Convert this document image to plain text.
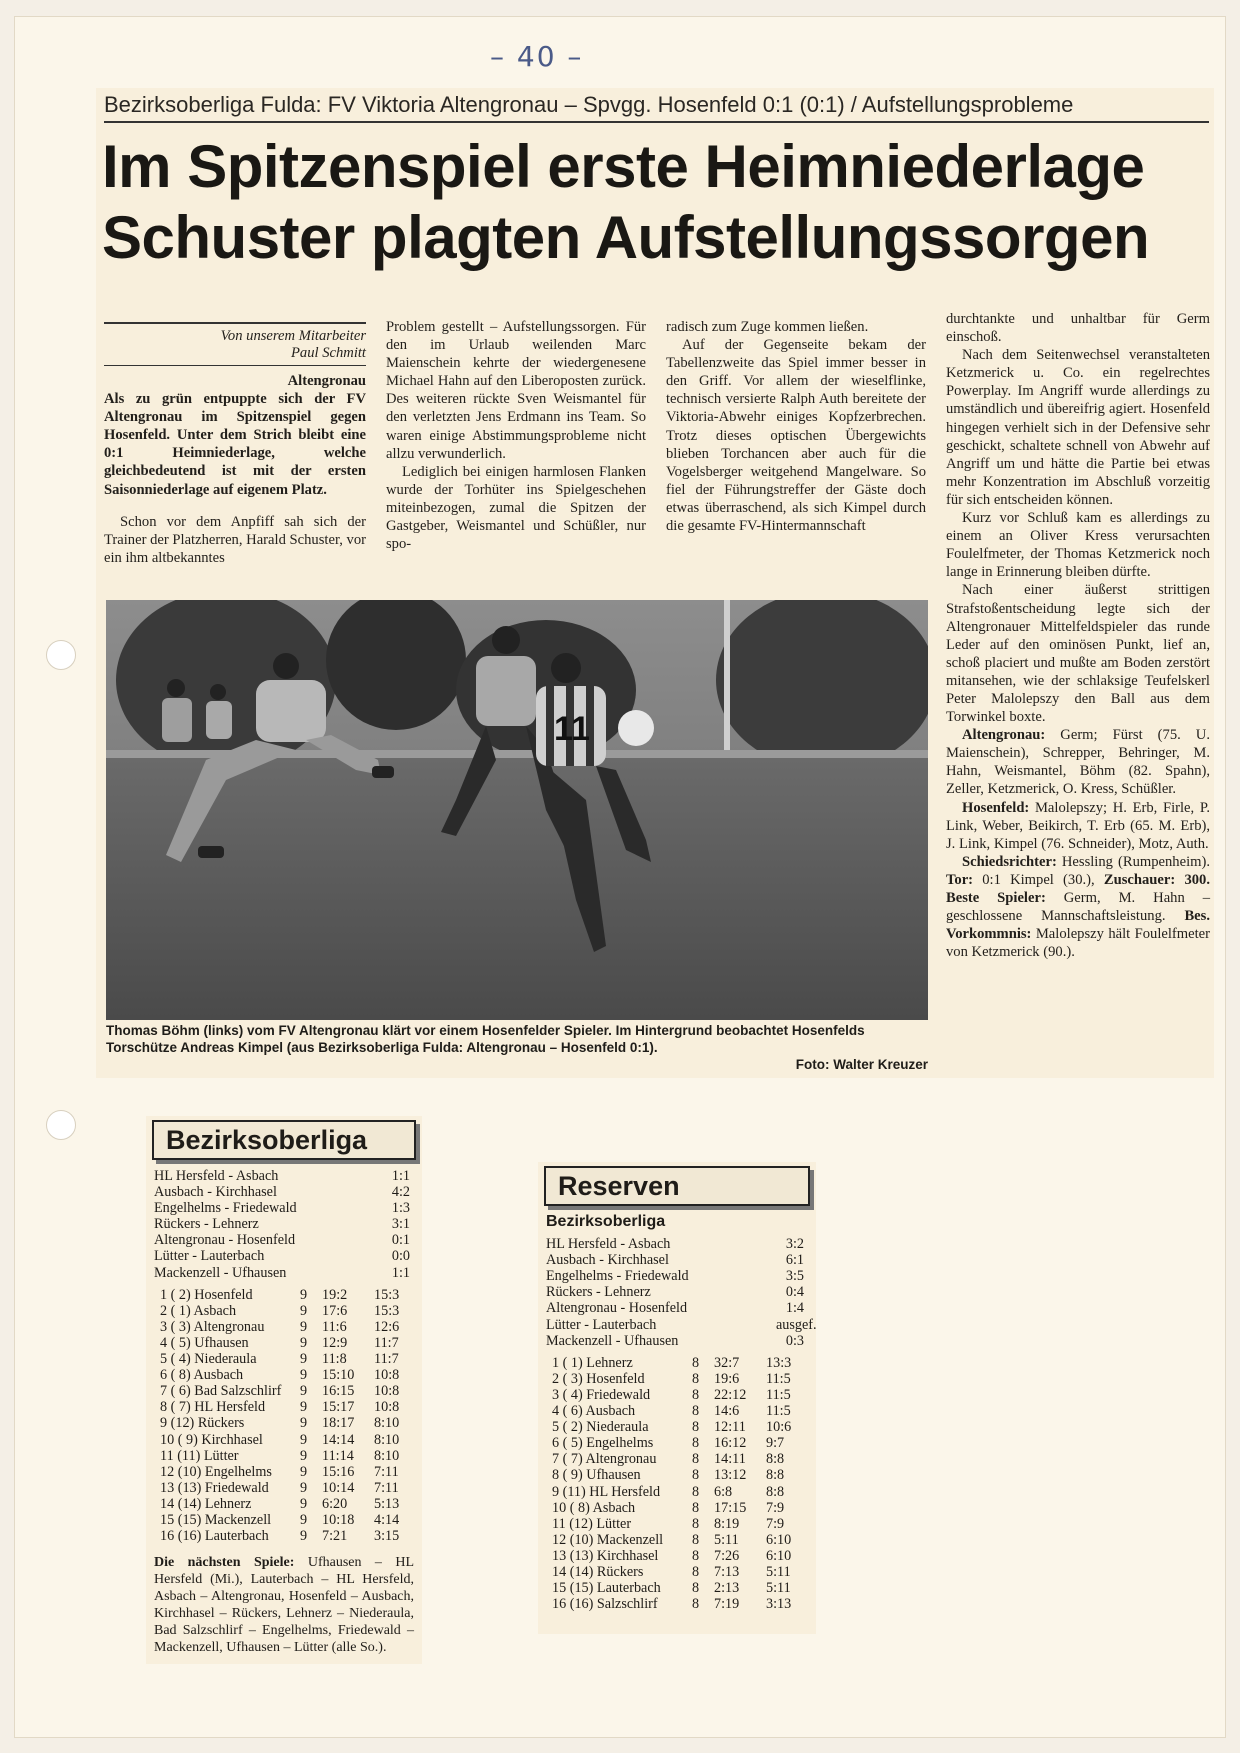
– 40 –
Bezirksoberliga Fulda: FV Viktoria Altengronau – Spvgg. Hosenfeld 0:1 (0:1) / Aufstellungsprobleme
Im Spitzenspiel erste Heimniederlage
Schuster plagten Aufstellungssorgen
Von unserem Mitarbeiter
Paul Schmitt
Altengronau

Als zu grün entpuppte sich der FV Altengronau im Spitzenspiel gegen Hosenfeld. Unter dem Strich bleibt eine 0:1 Heimniederlage, welche gleichbedeutend ist mit der ersten Saisonniederlage auf eigenem Platz.

Schon vor dem Anpfiff sah sich der Trainer der Platzherren, Harald Schuster, vor ein ihm altbekanntes

Problem gestellt – Aufstellungssorgen. Für den im Urlaub weilenden Marc Maienschein kehrte der wiedergenesene Michael Hahn auf den Liberoposten zurück. Des weiteren rückte Sven Weismantel für den verletzten Jens Erdmann ins Team. So waren einige Abstimmungsprobleme nicht allzu verwunderlich.

Lediglich bei einigen harmlosen Flanken wurde der Torhüter ins Spielgeschehen miteinbezogen, zumal die Spitzen der Gastgeber, Weismantel und Schüßler, nur spo-

radisch zum Zuge kommen ließen.

Auf der Gegenseite bekam der Tabellenzweite das Spiel immer besser in den Griff. Vor allem der wieselflinke, technisch versierte Ralph Auth bereitete der Viktoria-Abwehr einiges Kopfzerbrechen. Trotz dieses optischen Übergewichts blieben Torchancen aber auch für die Vogelsberger weitgehend Mangelware. So fiel der Führungstreffer der Gäste doch etwas überraschend, als sich Kimpel durch die gesamte FV-Hintermannschaft

durchtankte und unhaltbar für Germ einschoß.

Nach dem Seitenwechsel veranstalteten Ketzmerick u. Co. ein regelrechtes Powerplay. Im Angriff wurde allerdings zu umständlich und übereifrig agiert. Hosenfeld hingegen verhielt sich in der Defensive sehr geschickt, schaltete schnell von Abwehr auf Angriff um und hätte die Partie bei etwas mehr Konzentration im Abschluß vorzeitig für sich entscheiden können.

Kurz vor Schluß kam es allerdings zu einem an Oliver Kress verursachten Foulelfmeter, der Thomas Ketzmerick noch lange in Erinnerung bleiben dürfte.

Nach einer äußerst strittigen Strafstoßentscheidung legte sich der Altengronauer Mittelfeldspieler das runde Leder auf den ominösen Punkt, lief an, schoß placiert und mußte am Boden zerstört mitansehen, wie der schlaksige Teufelskerl Peter Malolepszy den Ball aus dem Torwinkel boxte.

Altengronau: Germ; Fürst (75. U. Maienschein), Schrepper, Behringer, M. Hahn, Weismantel, Böhm (82. Spahn), Zeller, Ketzmerick, O. Kress, Schüßler.

Hosenfeld: Malolepszy; H. Erb, Firle, P. Link, Weber, Beikirch, T. Erb (65. M. Erb), J. Link, Kimpel (76. Schneider), Motz, Auth.

Schiedsrichter: Hessling (Rumpenheim). Tor: 0:1 Kimpel (30.), Zuschauer: 300. Beste Spieler: Germ, M. Hahn – geschlossene Mannschaftsleistung. Bes. Vorkommnis: Malolepszy hält Foulelfmeter von Ketzmerick (90.).

11
Thomas Böhm (links) vom FV Altengronau klärt vor einem Hosenfelder Spieler. Im Hintergrund beobachtet Hosenfelds Torschütze Andreas Kimpel (aus Bezirksoberliga Fulda: Altengronau – Hosenfeld 0:1).
Foto: Walter Kreuzer
Bezirksoberliga
HL Hersfeld - Asbach	1:1
Ausbach - Kirchhasel	4:2
Engelhelms - Friedewald	1:3
Rückers - Lehnerz	3:1
Altengronau - Hosenfeld	0:1
Lütter - Lauterbach	0:0
Mackenzell - Ufhausen	1:1
1 ( 2) Hosenfeld	9	19:2	15:3
2 ( 1) Asbach	9	17:6	15:3
3 ( 3) Altengronau	9	11:6	12:6
4 ( 5) Ufhausen	9	12:9	11:7
5 ( 4) Niederaula	9	11:8	11:7
6 ( 8) Ausbach	9	15:10	10:8
7 ( 6) Bad Salzschlirf	9	16:15	10:8
8 ( 7) HL Hersfeld	9	15:17	10:8
9 (12) Rückers	9	18:17	8:10
10 ( 9) Kirchhasel	9	14:14	8:10
11 (11) Lütter	9	11:14	8:10
12 (10) Engelhelms	9	15:16	7:11
13 (13) Friedewald	9	10:14	7:11
14 (14) Lehnerz	9	6:20	5:13
15 (15) Mackenzell	9	10:18	4:14
16 (16) Lauterbach	9	7:21	3:15
Die nächsten Spiele: Ufhausen – HL Hersfeld (Mi.), Lauterbach – HL Hersfeld, Asbach – Altengronau, Hosenfeld – Ausbach, Kirchhasel – Rückers, Lehnerz – Niederaula, Bad Salzschlirf – Engelhelms, Friedewald – Mackenzell, Ufhausen – Lütter (alle So.).
Reserven
Bezirksoberliga
HL Hersfeld - Asbach	3:2
Ausbach - Kirchhasel	6:1
Engelhelms - Friedewald	3:5
Rückers - Lehnerz	0:4
Altengronau - Hosenfeld	1:4
Lütter - Lauterbach	ausgef.
Mackenzell - Ufhausen	0:3
1 ( 1) Lehnerz	8	32:7	13:3
2 ( 3) Hosenfeld	8	19:6	11:5
3 ( 4) Friedewald	8	22:12	11:5
4 ( 6) Ausbach	8	14:6	11:5
5 ( 2) Niederaula	8	12:11	10:6
6 ( 5) Engelhelms	8	16:12	9:7
7 ( 7) Altengronau	8	14:11	8:8
8 ( 9) Ufhausen	8	13:12	8:8
9 (11) HL Hersfeld	8	6:8	8:8
10 ( 8) Asbach	8	17:15	7:9
11 (12) Lütter	8	8:19	7:9
12 (10) Mackenzell	8	5:11	6:10
13 (13) Kirchhasel	8	7:26	6:10
14 (14) Rückers	8	7:13	5:11
15 (15) Lauterbach	8	2:13	5:11
16 (16) Salzschlirf	8	7:19	3:13
